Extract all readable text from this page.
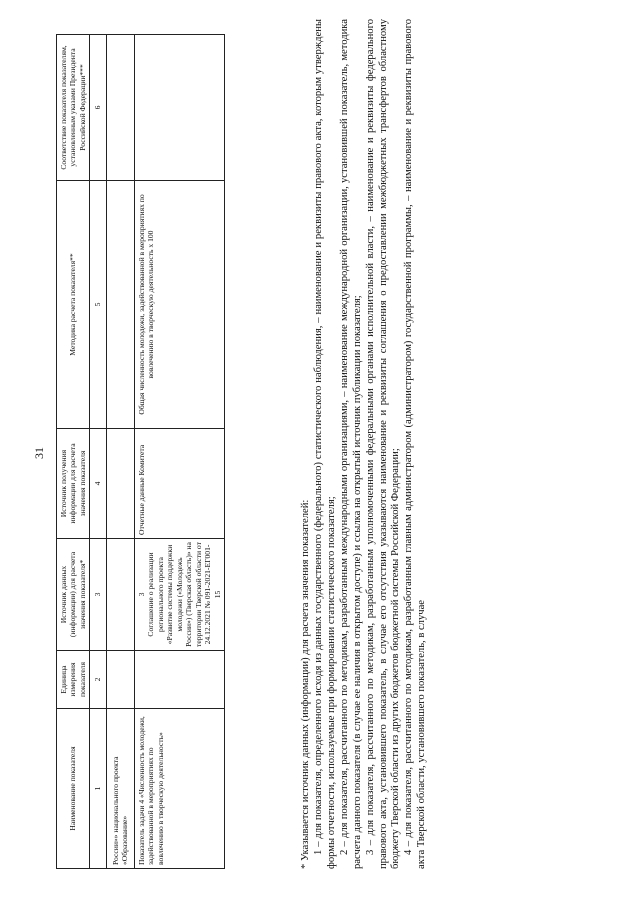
31
Наименование показателя	Единица измерения показателя	Источник данных (информации) для расчета значения показателя*	Источник получения информации для расчета значения показателя	Методика расчета показателя**	Соответствие показателя показателям, установленным указами Президента Российской Федерации***
1	2	3	4	5	6
России»» национального проекта «Образование»					
Показатель задачи 4 «Численность молодежи, задействованной в мероприятиях по вовлечению в творческую деятельность»		3 Соглашение о реализации регионального проекта «Развитие системы поддержки молодежи («Молодежь России») (Тверская область)» на территории Тверской области от 24.12.2021 № 091-2021-ЕГ001-15	Отчетные данные Комитета	Общая численность молодежи, задействованной в мероприятиях по вовлечению в творческую деятельность х 100	

* Указывается источник данных (информации) для расчета значения показателей: 1 – для показателя, определенного исходя из данных государственного (федерального) статистического наблюдения, – наименование и реквизиты правового акта, которым утверждены формы отчетности, используемые при формировании статистического показателя; 2 – для показателя, рассчитанного по методикам, разработанным международными организациями, – наименование международной организации, установившей показатель, методика расчета данного показателя (в случае ее наличия в открытом доступе) и ссылка на открытый источник публикации показателя; 3 – для показателя, рассчитанного по методикам, разработанным уполномоченными федеральными органами исполнительной власти, – наименование и реквизиты федерального правового акта, установившего показатель, в случае его отсутствия указываются наименование и реквизиты соглашения о предоставлении межбюджетных трансфертов областному бюджету Тверской области из других бюджетов бюджетной системы Российской Федерации; 4 – для показателя, рассчитанного по методикам, разработанным главным администратором (администратором) государственной программы, – наименование и реквизиты правового акта Тверской области, установившего показатель, в случае
